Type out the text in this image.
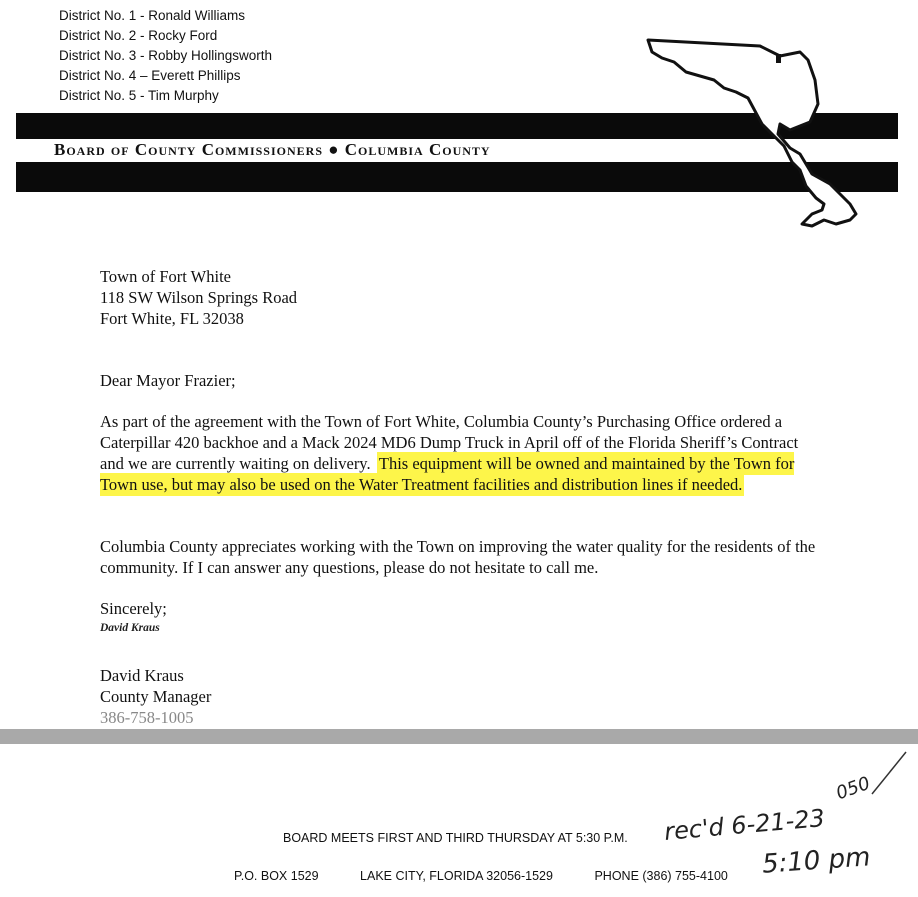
District No. 1 - Ronald Williams
District No. 2 - Rocky Ford
District No. 3 - Robby Hollingsworth
District No. 4 – Everett Phillips
District No. 5 - Tim Murphy
Board of County Commissioners ● Columbia County
Town of Fort White
118 SW Wilson Springs Road
Fort White, FL 32038
Dear Mayor Frazier;
As part of the agreement with the Town of Fort White, Columbia County’s Purchasing Office ordered a Caterpillar 420 backhoe and a Mack 2024 MD6 Dump Truck in April off of the Florida Sheriff’s Contract and we are currently waiting on delivery. This equipment will be owned and maintained by the Town for Town use, but may also be used on the Water Treatment facilities and distribution lines if needed.
Columbia County appreciates working with the Town on improving the water quality for the residents of the community. If I can answer any questions, please do not hesitate to call me.
Sincerely;
David Kraus
David Kraus
County Manager
386-758-1005
BOARD MEETS FIRST AND THIRD THURSDAY AT 5:30 P.M.
P.O. BOX 1529	LAKE CITY, FLORIDA 32056-1529	PHONE (386) 755-4100
rec'd 6-21-23
5:10 pm
050
